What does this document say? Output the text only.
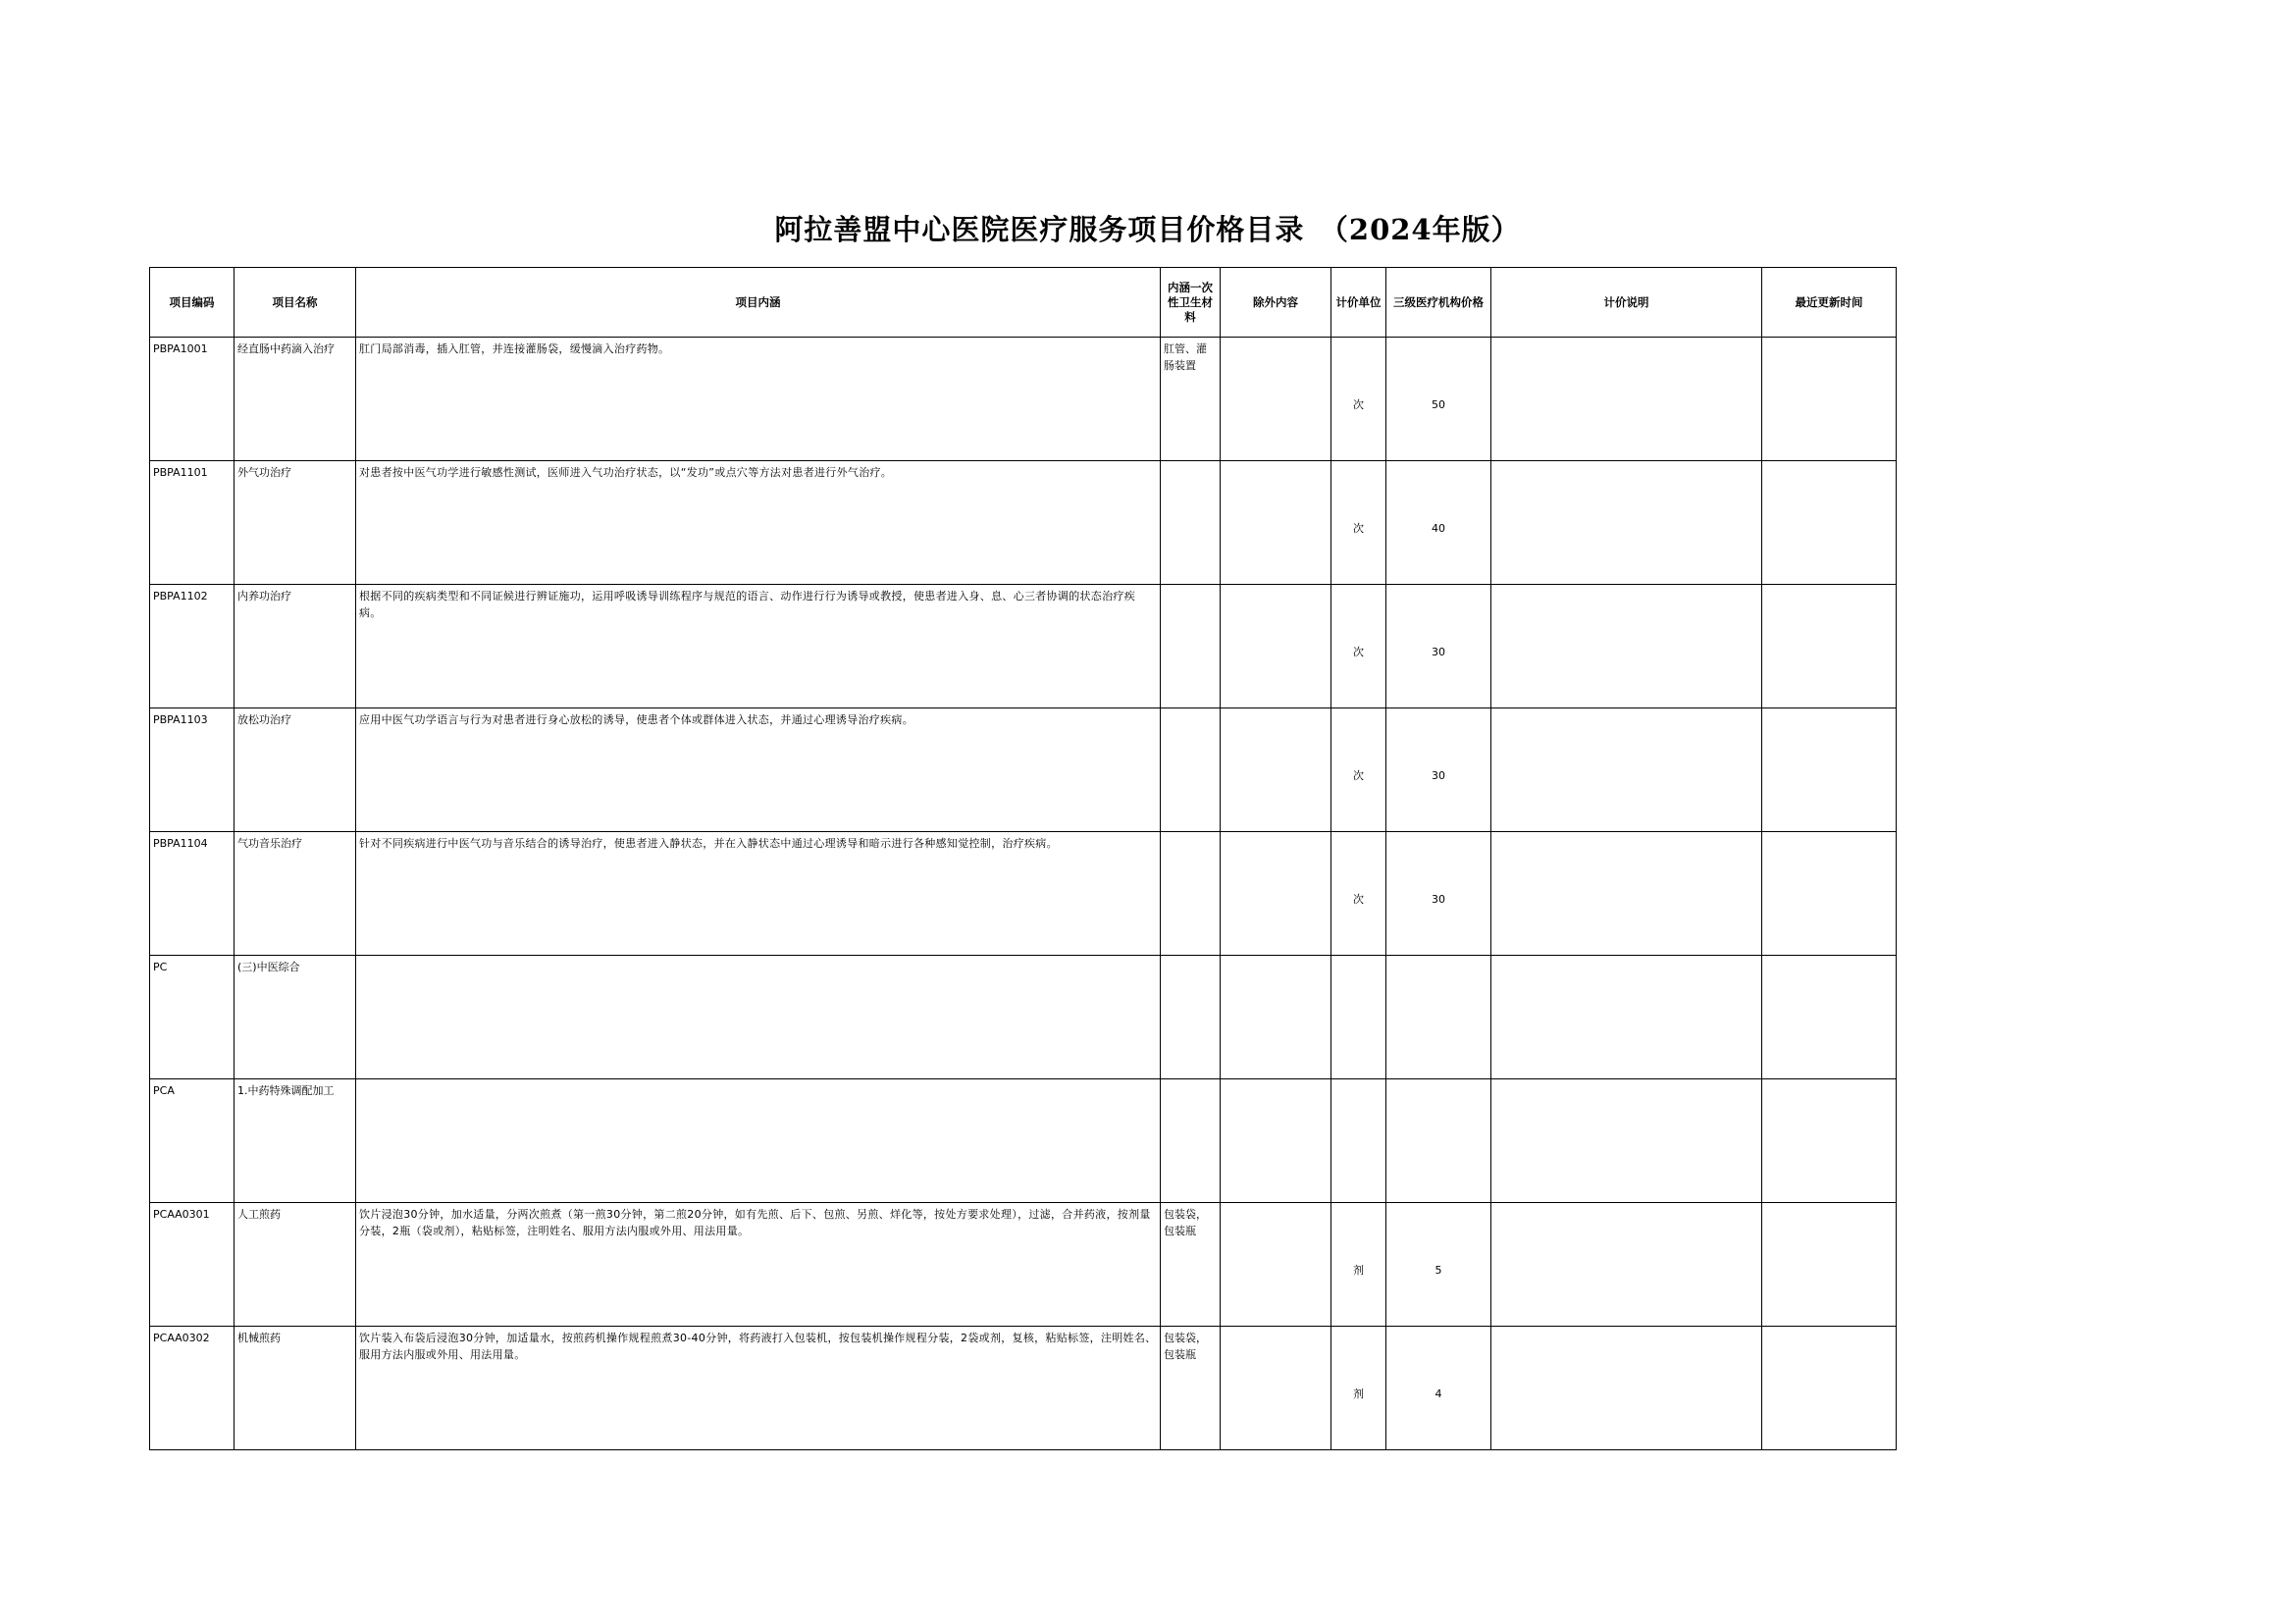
阿拉善盟中心医院医疗服务项目价格目录　（2024年版）
项目编码	项目名称	项目内涵	内涵一次性卫生材料	除外内容	计价单位	三级医疗机构价格	计价说明	最近更新时间
PBPA1001	经直肠中药滴入治疗	肛门局部消毒，插入肛管，并连接灌肠袋，缓慢滴入治疗药物。	肛管、灌肠装置		次	50		
PBPA1101	外气功治疗	对患者按中医气功学进行敏感性测试，医师进入气功治疗状态，以“发功”或点穴等方法对患者进行外气治疗。			次	40		
PBPA1102	内养功治疗	根据不同的疾病类型和不同证候进行辨证施功，运用呼吸诱导训练程序与规范的语言、动作进行行为诱导或教授，使患者进入身、息、心三者协调的状态治疗疾病。			次	30		
PBPA1103	放松功治疗	应用中医气功学语言与行为对患者进行身心放松的诱导，使患者个体或群体进入状态，并通过心理诱导治疗疾病。			次	30		
PBPA1104	气功音乐治疗	针对不同疾病进行中医气功与音乐结合的诱导治疗，使患者进入静状态，并在入静状态中通过心理诱导和暗示进行各种感知觉控制，治疗疾病。			次	30		
PC	(三)中医综合							
PCA	1.中药特殊调配加工							
PCAA0301	人工煎药	饮片浸泡30分钟，加水适量，分两次煎煮（第一煎30分钟，第二煎20分钟，如有先煎、后下、包煎、另煎、烊化等，按处方要求处理），过滤，合并药液，按剂量分装，2瓶（袋或剂），粘贴标签，注明姓名、服用方法内服或外用、用法用量。	包装袋，包装瓶		剂	5		
PCAA0302	机械煎药	饮片装入布袋后浸泡30分钟，加适量水，按煎药机操作规程煎煮30-40分钟，将药液打入包装机，按包装机操作规程分装，2袋或剂，复核，粘贴标签，注明姓名、服用方法内服或外用、用法用量。	包装袋，包装瓶		剂	4		
